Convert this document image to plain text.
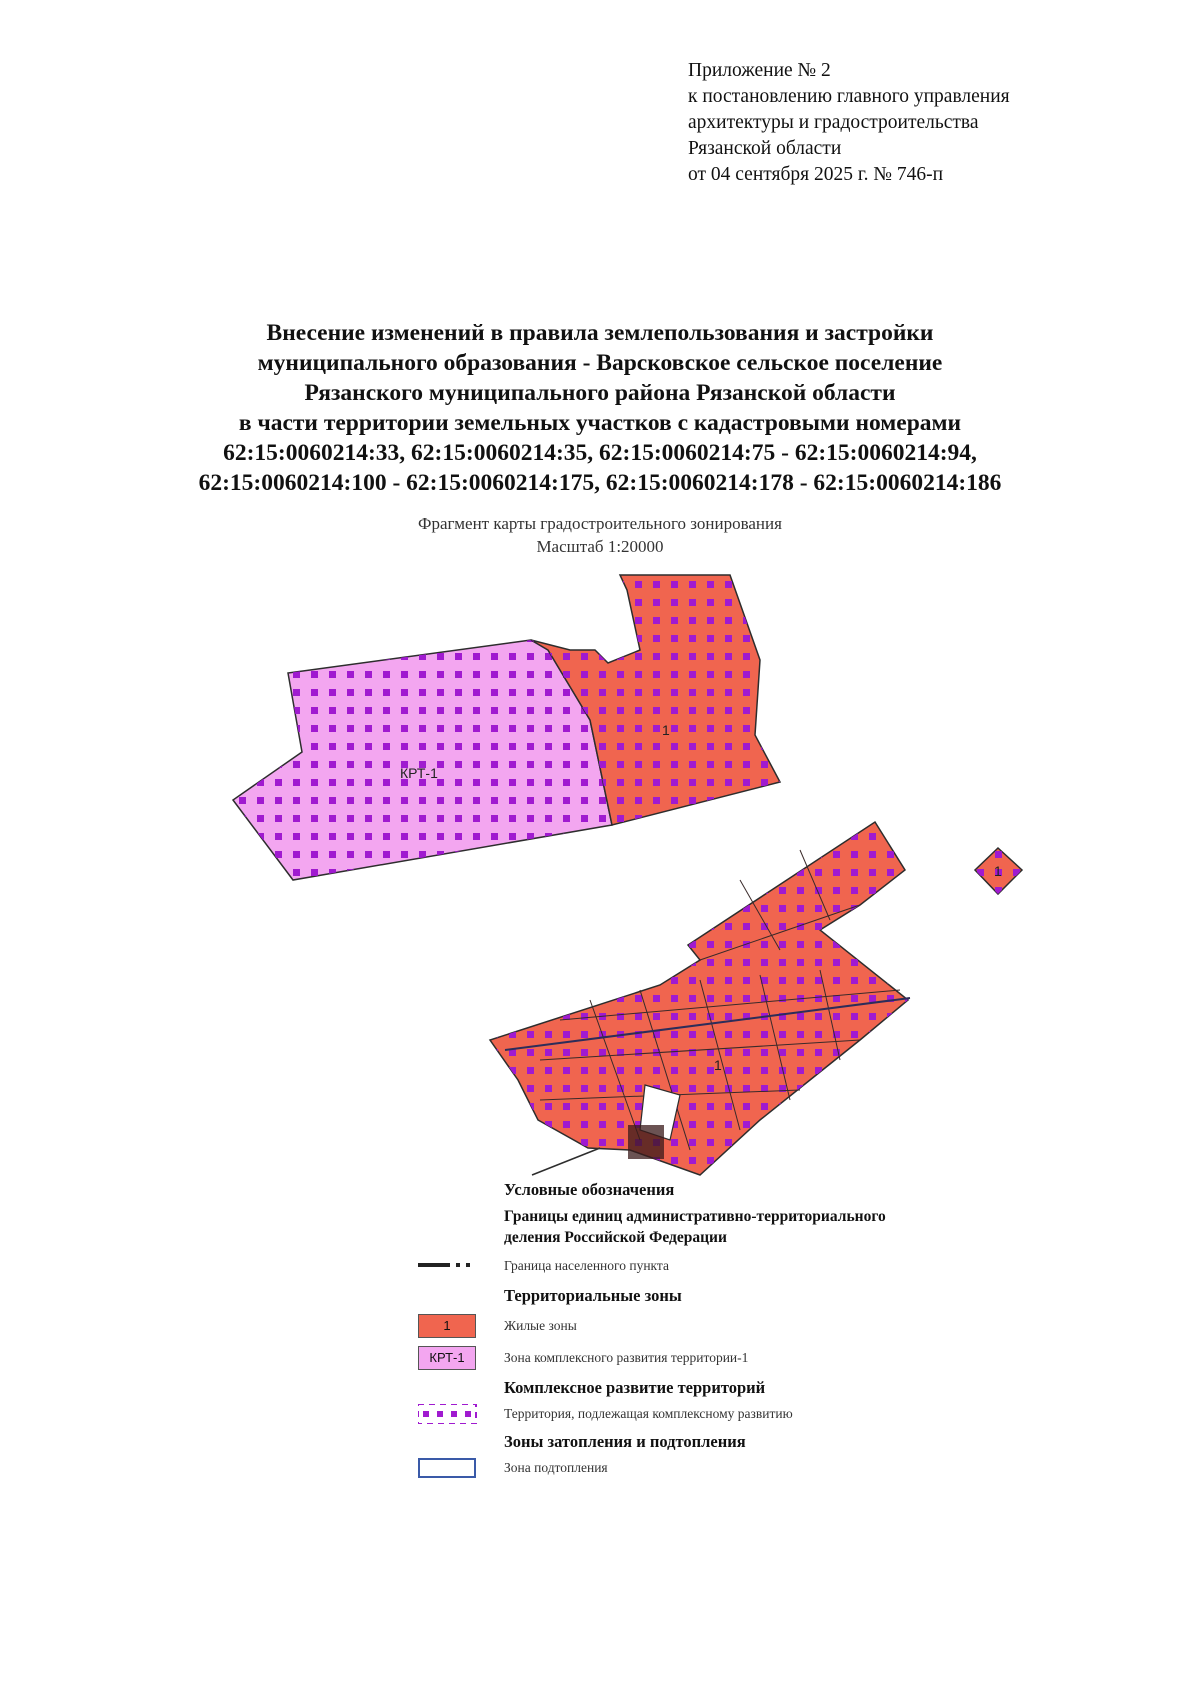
Приложение № 2
к постановлению главного управления
архитектуры и градостроительства
Рязанской области
от 04 сентября 2025 г. № 746-п
Внесение изменений в правила землепользования и застройки
муниципального образования - Варсковское сельское поселение
Рязанского муниципального района Рязанской области
в части территории земельных участков с кадастровыми номерами
62:15:0060214:33, 62:15:0060214:35, 62:15:0060214:75 - 62:15:0060214:94,
62:15:0060214:100 - 62:15:0060214:175, 62:15:0060214:178 - 62:15:0060214:186
Фрагмент карты градостроительного зонирования
Масштаб 1:20000
КРТ-1
1
1
1
Условные обозначения
Границы единиц административно-территориального
деления Российской Федерации
Граница населенного пункта
Территориальные зоны
1	Жилые зоны
КРТ-1	Зона комплексного развития территории-1
Комплексное развитие территорий
Территория, подлежащая комплексному развитию
Зоны затопления и подтопления
Зона подтопления
